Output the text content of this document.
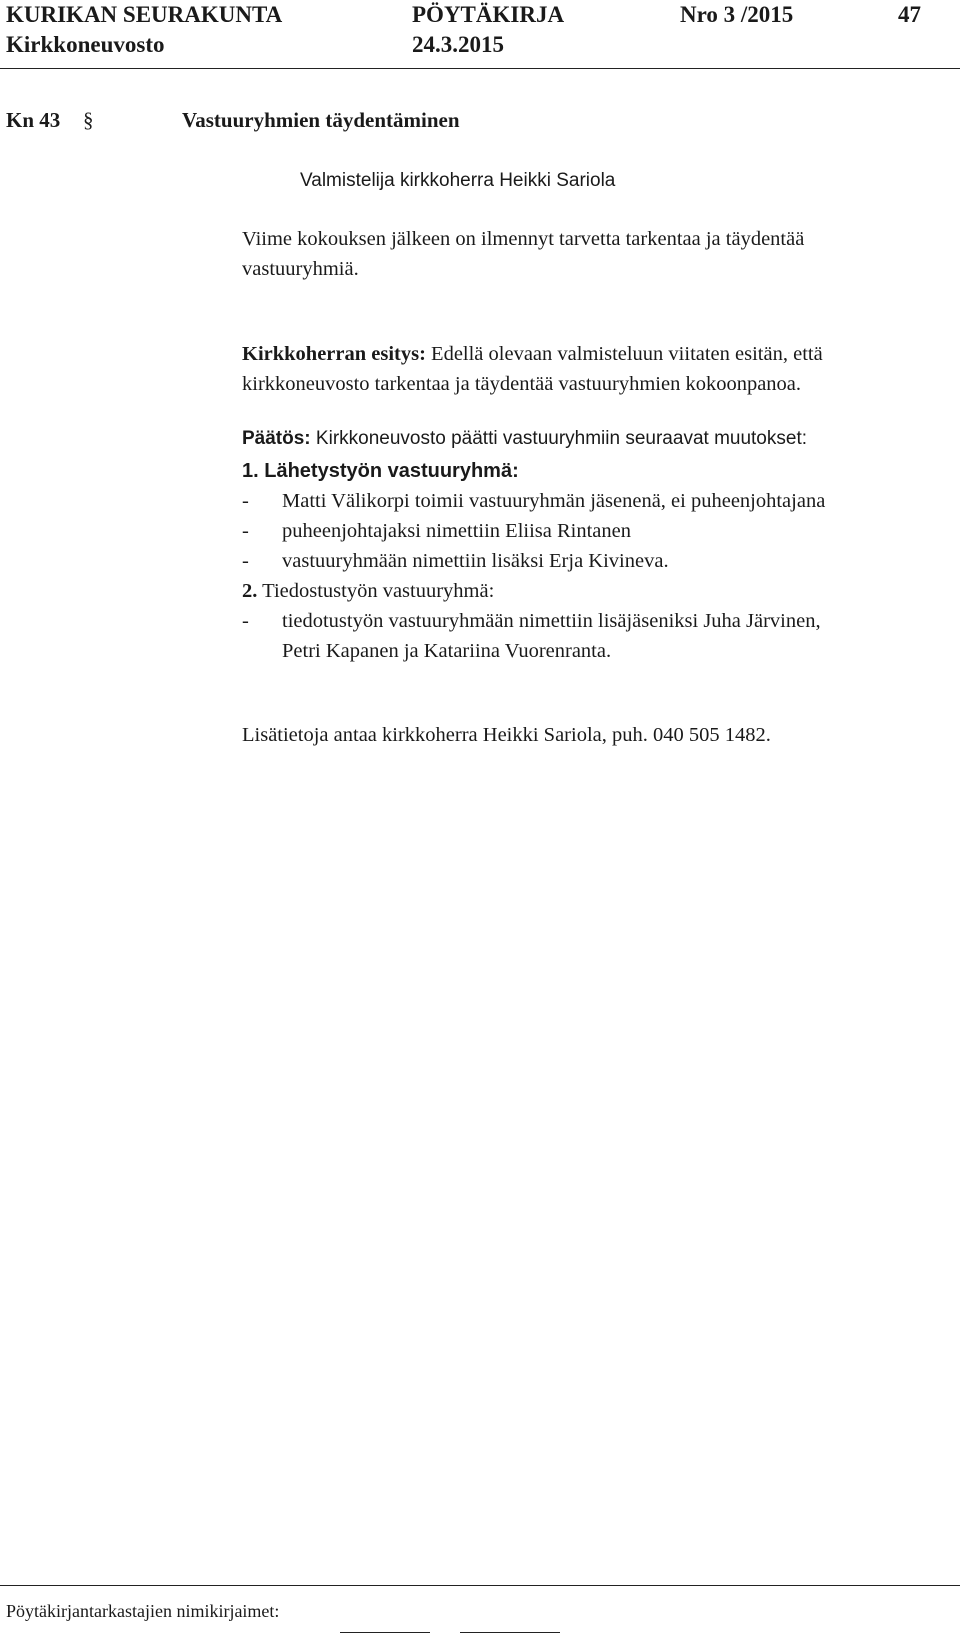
KURIKAN SEURAKUNTA	PÖYTÄKIRJA	Nro 3 /2015	47
Kirkkoneuvosto	24.3.2015
Kn 43 §	Vastuuryhmien täydentäminen
Valmistelija kirkkoherra Heikki Sariola
Viime kokouksen jälkeen on ilmennyt tarvetta tarkentaa ja täydentää
vastuuryhmiä.
Kirkkoherran esitys: Edellä olevaan valmisteluun viitaten esitän, että
kirkkoneuvosto tarkentaa ja täydentää vastuuryhmien kokoonpanoa.
Päätös: Kirkkoneuvosto päätti vastuuryhmiin seuraavat muutokset:
1. Lähetystyön vastuuryhmä:
- Matti Välikorpi toimii vastuuryhmän jäsenenä, ei puheenjohtajana
- puheenjohtajaksi nimettiin Eliisa Rintanen
- vastuuryhmään nimettiin lisäksi Erja Kivineva.
2. Tiedostustyön vastuuryhmä:
- tiedotustyön vastuuryhmään nimettiin lisäjäseniksi Juha Järvinen,
Petri Kapanen ja Katariina Vuorenranta.
Lisätietoja antaa kirkkoherra Heikki Sariola, puh. 040 505 1482.
Pöytäkirjantarkastajien nimikirjaimet:
